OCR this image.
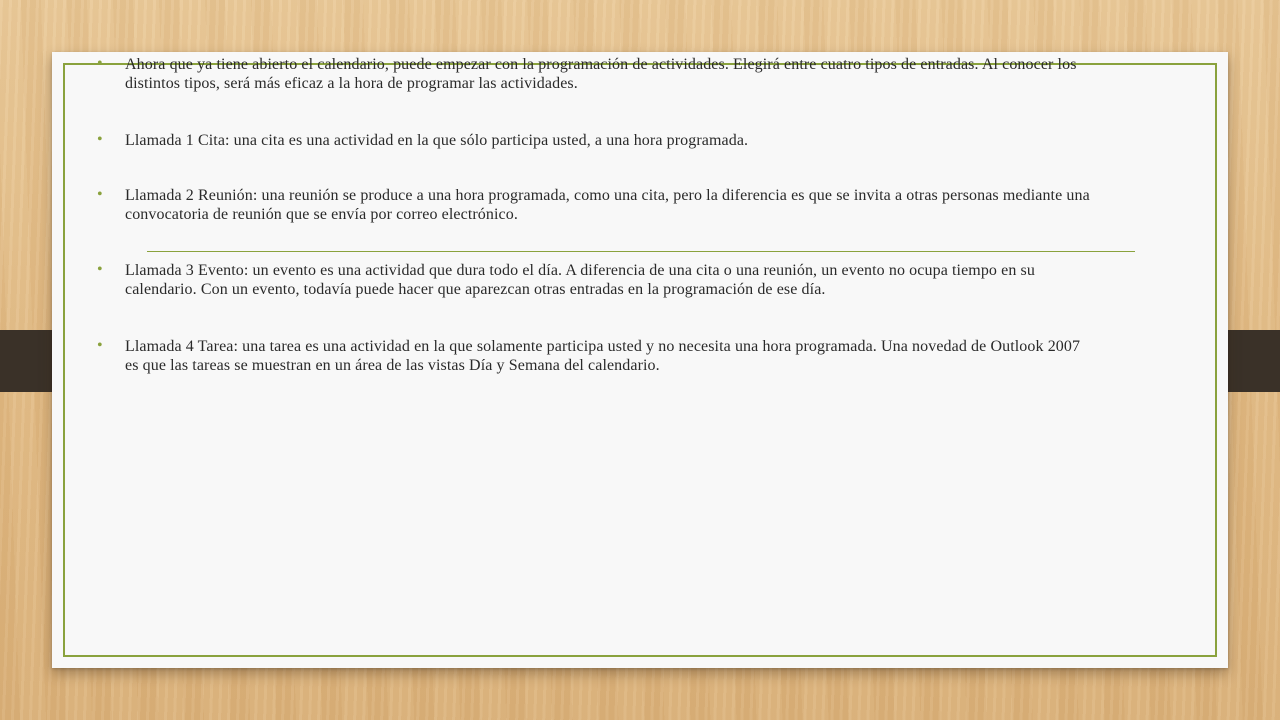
• Ahora que ya tiene abierto el calendario, puede empezar con la programación de actividades. Elegirá entre cuatro tipos de entradas. Al conocer los distintos tipos, será más eficaz a la hora de programar las actividades.
• Llamada 1 Cita: una cita es una actividad en la que sólo participa usted, a una hora programada.
• Llamada 2 Reunión: una reunión se produce a una hora programada, como una cita, pero la diferencia es que se invita a otras personas mediante una convocatoria de reunión que se envía por correo electrónico.
• Llamada 3 Evento: un evento es una actividad que dura todo el día. A diferencia de una cita o una reunión, un evento no ocupa tiempo en su calendario. Con un evento, todavía puede hacer que aparezcan otras entradas en la programación de ese día.
• Llamada 4 Tarea: una tarea es una actividad en la que solamente participa usted y no necesita una hora programada. Una novedad de Outlook 2007 es que las tareas se muestran en un área de las vistas Día y Semana del calendario.
